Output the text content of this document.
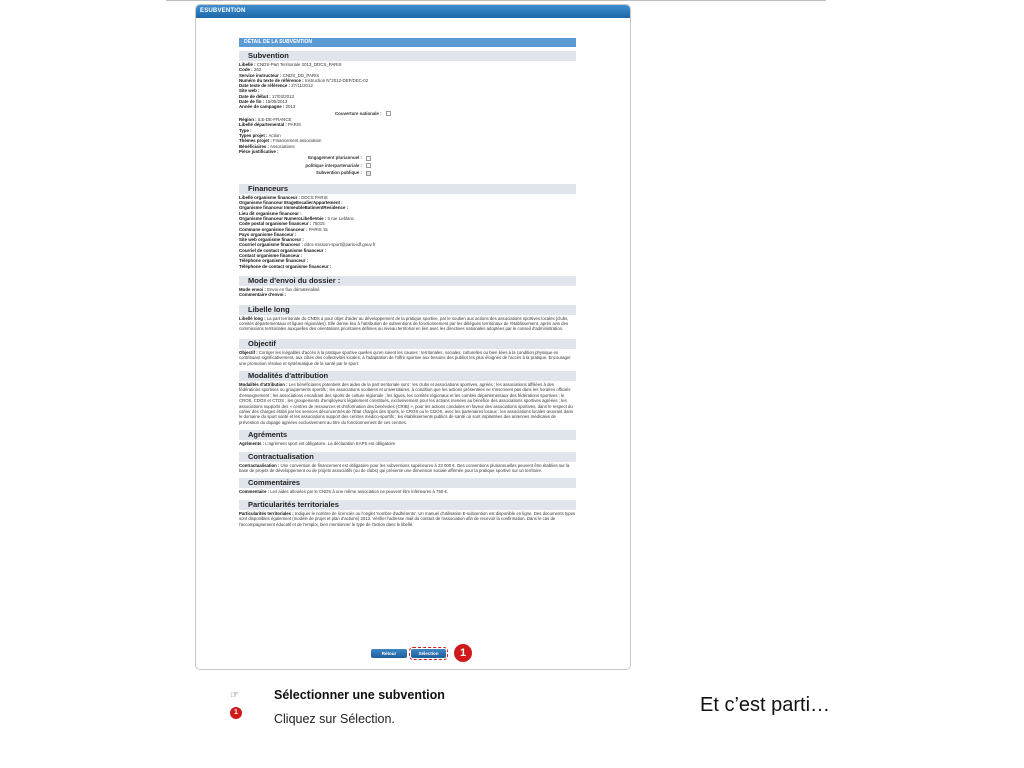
ESUBVENTION
DÉTAIL DE LA SUBVENTION
Subvention
Libellé : CNDS-Part Territoriale 2013_DDCS_PARIS
Code : 262
Service instructeur : CNDS_DD_PARIS
Numéro du texte de référence : Instruction N°2012-DEF/DEC-02
Date texte de référence : 27/11/2012
Site web :
Date de début : 17/03/2013
Date de fin : 15/05/2013
Année de campagne : 2013
Couverture nationale :
Région : ILE-DE-FRANCE
Libellé départemental : PARIS
Type :
Types projet : Action
Thèmes projet : Financement association
Bénéficiaires : Associations
Pièce justificative :
Engagement pluriannuel :
politique interpartenariale :
Subvention publique :
Financeurs
Libellé organisme financeur : DDCS PARIS
Organisme financeur EtageEscalierAppartement :
Organisme financeur ImmeubleBatimentResidence :
Lieu dit organisme financeur :
Organisme financeur NumeroLibelleVoie : 5 rue Leblanc
Code postal organisme financeur : 75015
Commune organisme financeur : PARIS 15
Pays organisme financeur :
Site web organisme financeur :
Courriel organisme financeur : ddcs-mission-sport@paris-idf.gouv.fr
Courriel de contact organisme financeur :
Contact organisme financeur :
Téléphone organisme financeur :
Téléphone de contact organisme financeur :
Mode d'envoi du dossier :
Mode envoi : Envoi en flux dématérialisé
Commentaire d'envoi :
Libelle long
Libellé long : La part territoriale du CNDS a pour objet d'aider au développement de la pratique sportive, par le soutien aux actions des associations sportives locales (clubs, comités départementaux et ligues régionales). Elle donne lieu à l'attribution de subventions de fonctionnement par les délégués territoriaux de l'établissement, après avis des commissions territoriales auxquelles des orientations prioritaires définies au niveau territorial en lien avec les directives nationales adoptées par le conseil d'administration.
Objectif
Objectif : Corriger les inégalités d'accès à la pratique sportive quelles qu'en soient les causes : territoriales, sociales, culturelles ou bien liées à la condition physique en contribuant significativement, aux côtés des collectivités locales, à l'adaptation de l'offre sportive aux besoins des publics les plus éloignés de l'accès à la pratique. Encourager une promotion résolue et systématique de la santé par le sport.
Modalités d'attribution
Modalités d'attribution : Les bénéficiaires potentiels des aides de la part territoriale sont : les clubs et associations sportives, agréés ; les associations affiliées à des fédérations sportives ou groupements sportifs ; les associations scolaires et universitaires, à condition que les actions présentées ne s'inscrivent pas dans les horaires officiels d'enseignement ; les associations encadrant des sports de culture régionale ; les ligues, les comités régionaux et les comités départementaux des fédérations sportives ; le CROS, CDOS et CTOS ; les groupements d'employeurs légalement constitués, exclusivement pour les actions menées au bénéfice des associations sportives agréées ; les associations supports des « centres de ressources et d'information des bénévoles (CRIB) », pour les actions conduites en faveur des associations sportives, dans le respect du cahier des charges établi par les services déconcentrés de l'État chargés des sports, le CROS ou le CDOS, avec les partenaires locaux ; les associations locales œuvrant dans le domaine du sport santé et les associations support des centres médico-sportifs ; les établissements publics de santé où sont implantées des antennes médicales de prévention du dopage agréées exclusivement au titre du fonctionnement de ces centres.
Agréments
Agréments : L'agrément sport est obligatoire. La déclaration EAPS est obligatoire
Contractualisation
Contractualisation : Une convention de financement est obligatoire pour les subventions supérieures à 23 000 €. Des conventions pluriannuelles peuvent être établies sur la base de projets de développement ou de projets associatifs (ou de clubs) qui présente une dimension sociale affirmée pour la pratique sportive sur un territoire.
Commentaires
Commentaire : Les aides allouées par le CNDS à une même association ne peuvent être inférieures à 750 €.
Particularités territoriales
Particularités territoriales : Indiquer le nombre de licenciés ou l'onglet 'nombre d'adhérents'. Un manuel d'utilisation E-subvention est disponible en ligne. Des documents types sont disponibles également (modèle de projet et plan d'actions) 2013. Vérifier l'adresse mail du contact de l'association afin de recevoir la confirmation. Dans le cas de l'accompagnement éducatif et de l'emploi, bien mentionner le type de l'action dans le libellé.
Retour	Sélection	1
☞	Sélectionner une subvention
1	Cliquez sur Sélection.
Et c’est parti…
